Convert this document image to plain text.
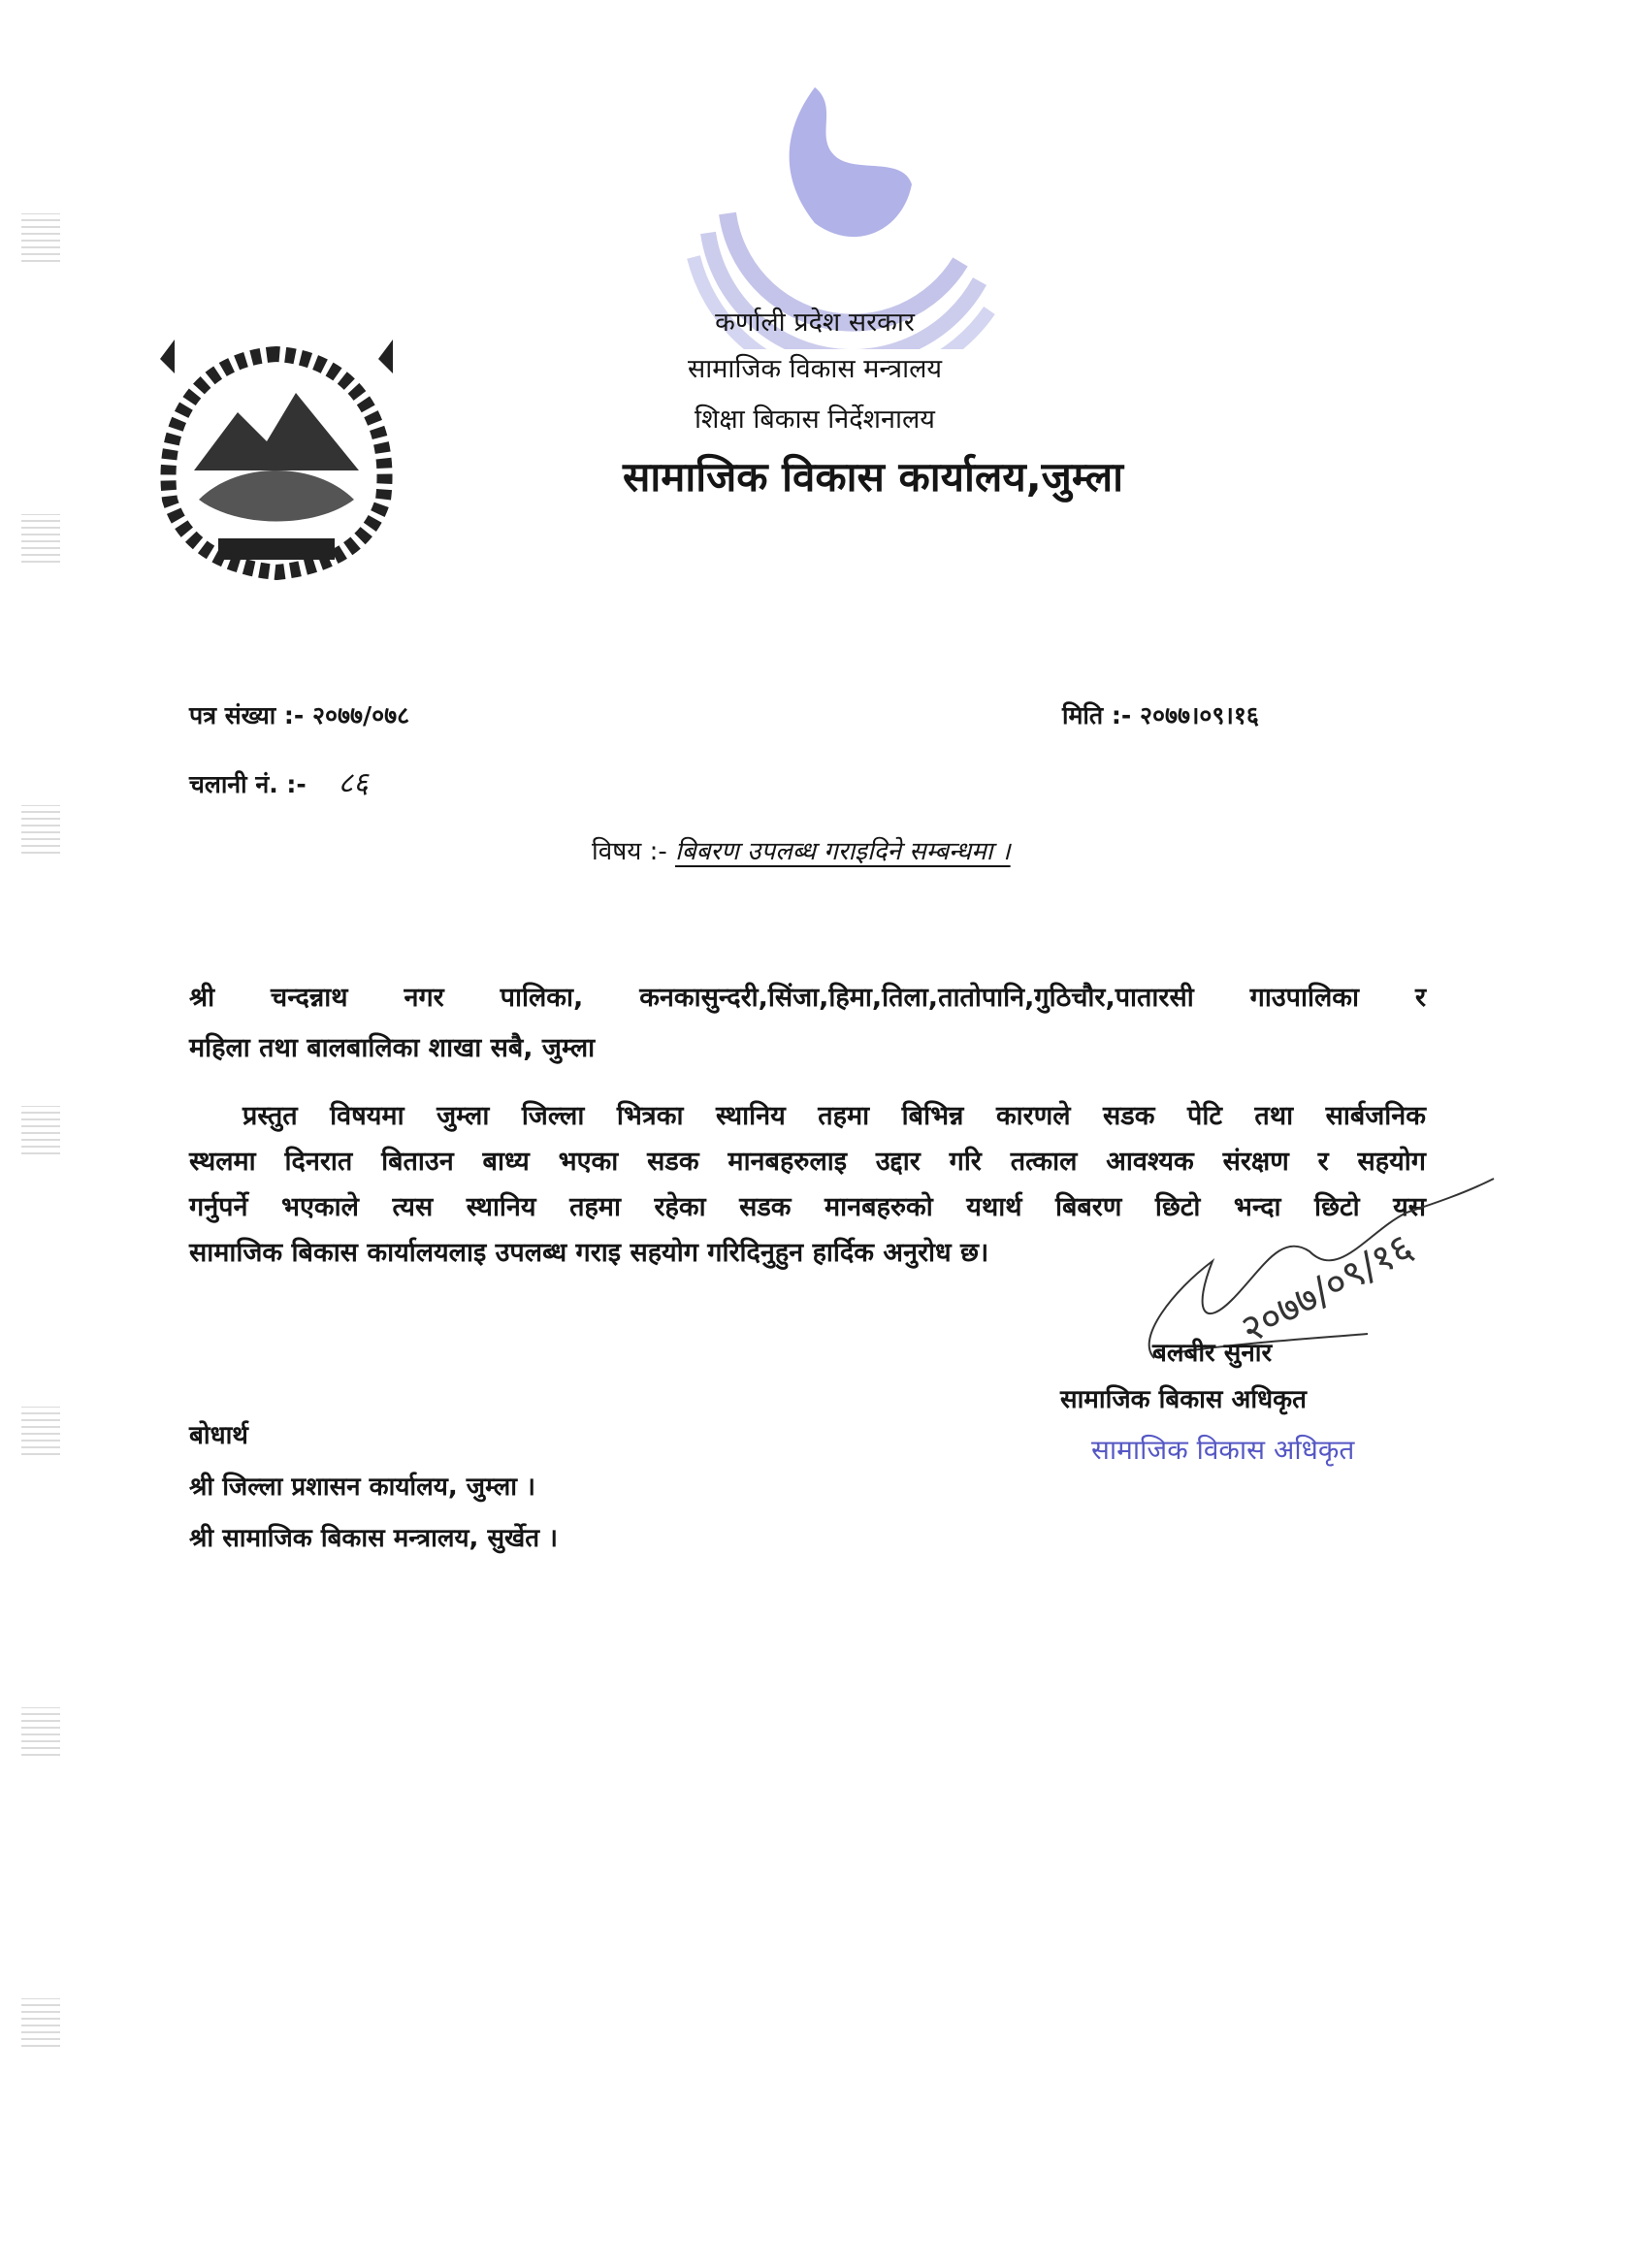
कर्णाली प्रदेश सरकार
सामाजिक विकास मन्त्रालय
शिक्षा बिकास निर्देशनालय
सामाजिक विकास कार्यालय,जुम्ला
पत्र संख्या :- २०७७/०७८	मिति :- २०७७।०९।१६
चलानी नं. :- ८६
विषय :- बिबरण उपलब्ध गराइदिने सम्बन्धमा ।
श्री चन्दन्नाथ नगर पालिका, कनकासुन्दरी,सिंजा,हिमा,तिला,तातोपानि,गुठिचौर,पातारसी गाउपालिका र
महिला तथा बालबालिका शाखा सबै, जुम्ला
प्रस्तुत विषयमा जुम्ला जिल्ला भित्रका स्थानिय तहमा बिभिन्न कारणले सडक पेटि तथा सार्बजनिक
स्थलमा दिनरात बिताउन बाध्य भएका सडक मानबहरुलाइ उद्दार गरि तत्काल आवश्यक संरक्षण र सहयोग
गर्नुपर्ने भएकाले त्यस स्थानिय तहमा रहेका सडक मानबहरुको यथार्थ बिबरण छिटो भन्दा छिटो यस
सामाजिक बिकास कार्यालयलाइ उपलब्ध गराइ सहयोग गरिदिनुहुन हार्दिक अनुरोध छ।	२०७७/०९/१६
बलबीर सुनार
सामाजिक बिकास अधिकृत
सामाजिक विकास अधिकृत
बोधार्थ
श्री जिल्ला प्रशासन कार्यालय, जुम्ला ।
श्री सामाजिक बिकास मन्त्रालय, सुर्खेत ।
